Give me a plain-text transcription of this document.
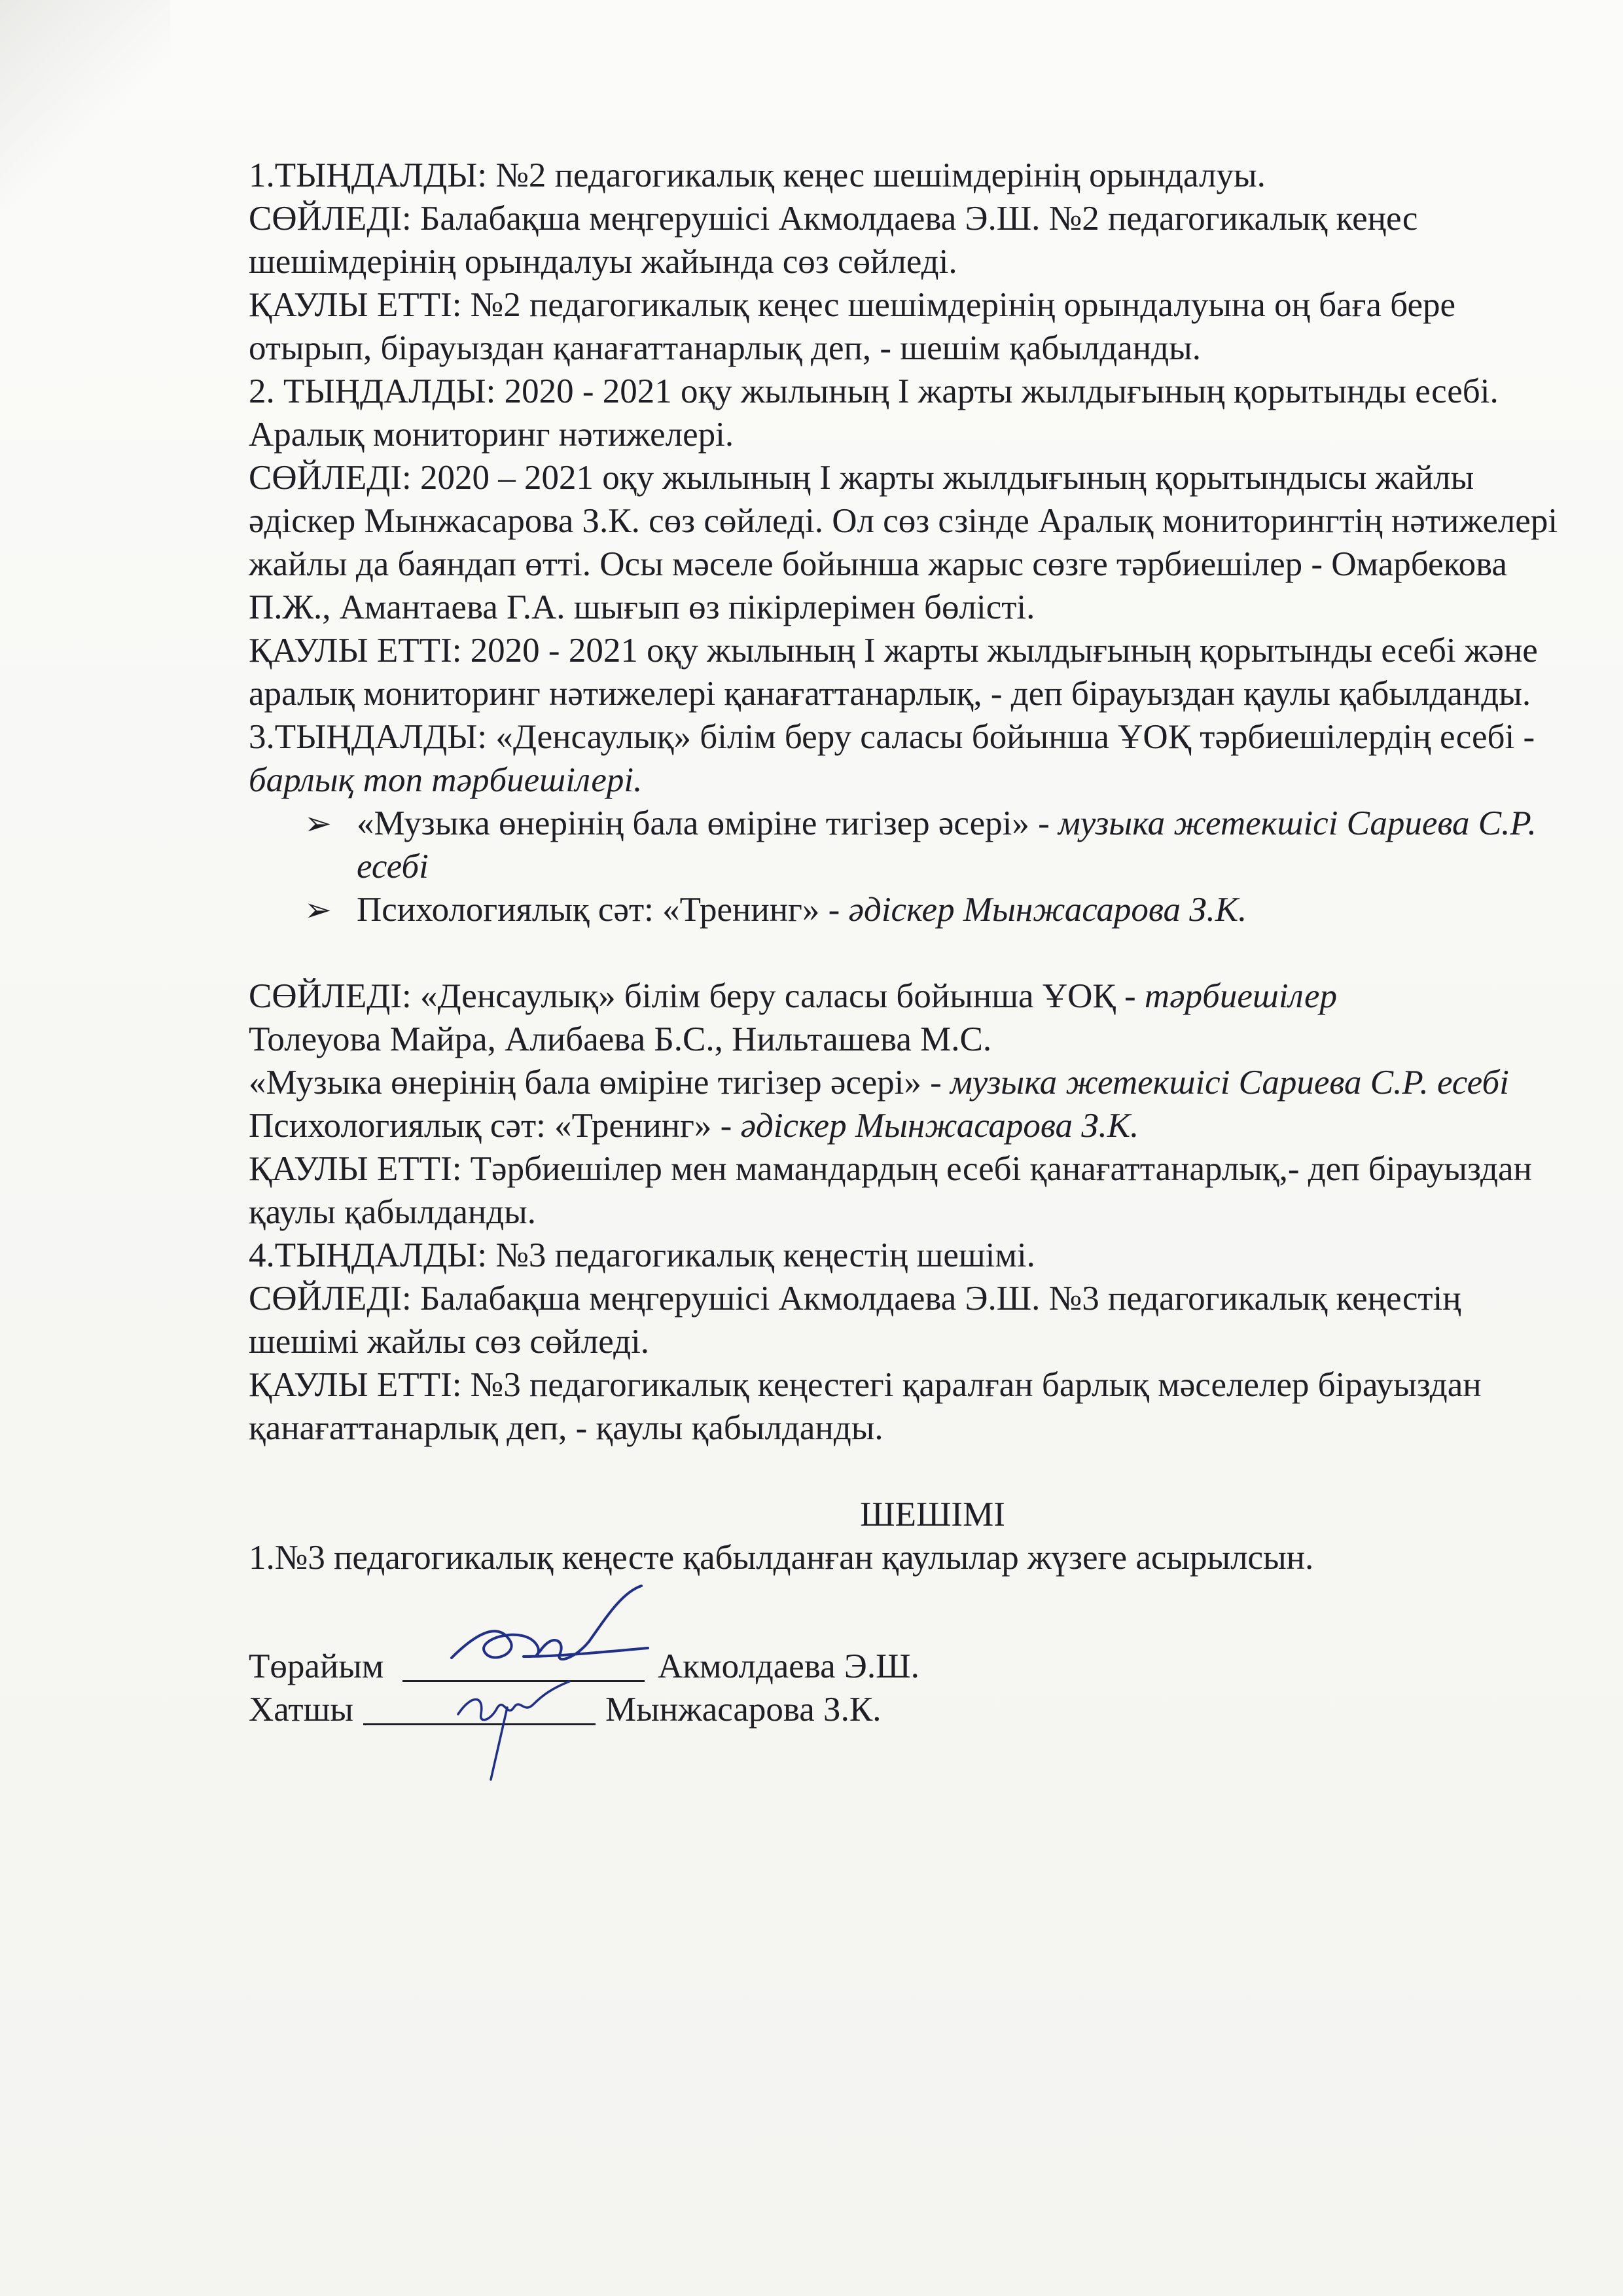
1.ТЫҢДАЛДЫ: №2 педагогикалық кеңес шешімдерінің орындалуы.

СӨЙЛЕДІ: Балабақша меңгерушісі Акмолдаева Э.Ш. №2 педагогикалық кеңес шешімдерінің орындалуы жайында сөз сөйледі.

ҚАУЛЫ ЕТТІ: №2 педагогикалық кеңес шешімдерінің орындалуына оң баға бере отырып, бірауыздан қанағаттанарлық деп, - шешім қабылданды.

2. ТЫҢДАЛДЫ: 2020 - 2021 оқу жылының І жарты жылдығының қорытынды есебі. Аралық мониторинг нәтижелері.

СӨЙЛЕДІ: 2020 – 2021 оқу жылының І жарты жылдығының қорытындысы жайлы әдіскер Мынжасарова З.К. сөз сөйледі. Ол сөз сзінде Аралық мониторингтің нәтижелері жайлы да баяндап өтті. Осы мәселе бойынша жарыс сөзге тәрбиешілер - Омарбекова П.Ж., Амантаева Г.А. шығып өз пікірлерімен бөлісті.

ҚАУЛЫ ЕТТІ: 2020 - 2021 оқу жылының І жарты жылдығының қорытынды есебі және аралық мониторинг нәтижелері қанағаттанарлық, - деп бірауыздан қаулы қабылданды.

3.ТЫҢДАЛДЫ: «Денсаулық» білім беру саласы бойынша ҰОҚ тәрбиешілердің есебі - барлық топ тәрбиешілері.

➢ «Музыка өнерінің бала өміріне тигізер әсері» - музыка жетекшісі Сариева С.Р. есебі
➢ Психологиялық сәт: «Тренинг» - әдіскер Мынжасарова З.К.

СӨЙЛЕДІ: «Денсаулық» білім беру саласы бойынша ҰОҚ - тәрбиешілер
Толеуова Майра, Алибаева Б.С., Нильташева М.С.

«Музыка өнерінің бала өміріне тигізер әсері» - музыка жетекшісі Сариева С.Р. есебі

Психологиялық сәт: «Тренинг» - әдіскер Мынжасарова З.К.

ҚАУЛЫ ЕТТІ: Тәрбиешілер мен мамандардың есебі қанағаттанарлық,- деп бірауыздан қаулы қабылданды.

4.ТЫҢДАЛДЫ: №3 педагогикалық кеңестің шешімі.

СӨЙЛЕДІ: Балабақша меңгерушісі Акмолдаева Э.Ш. №3 педагогикалық кеңестің шешімі жайлы сөз сөйледі.

ҚАУЛЫ ЕТТІ: №3 педагогикалық кеңестегі қаралған барлық мәселелер бірауыздан қанағаттанарлық деп, - қаулы қабылданды.

ШЕШІМІ

1.№3 педагогикалық кеңесте қабылданған қаулылар жүзеге асырылсын.

Төрайым	Акмолдаева Э.Ш.
Хатшы	Мынжасарова З.К.
